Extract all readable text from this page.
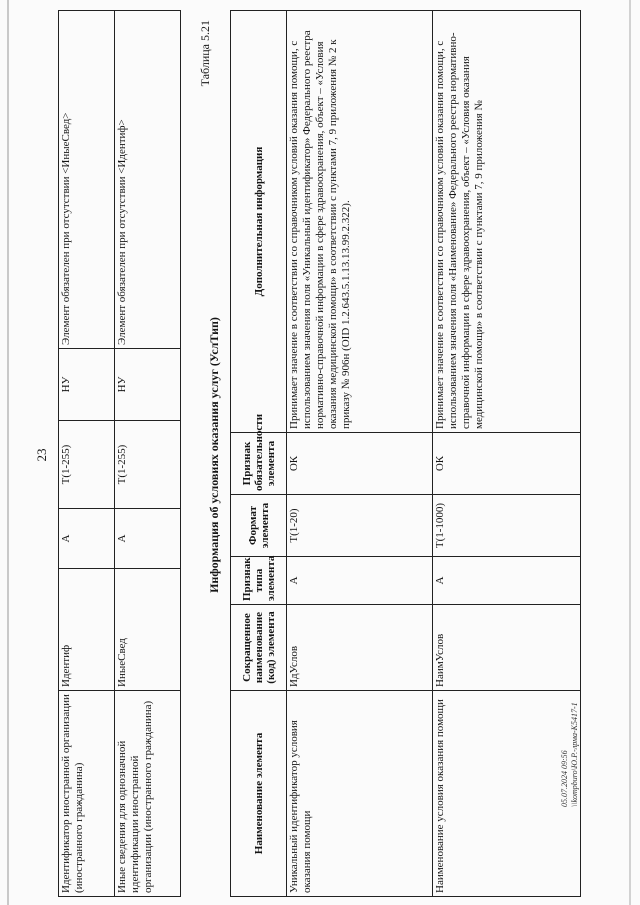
23
Идентификатор иностранной организации (иностранного гражданина)	Идентиф	А	Т(1-255)	НУ	Элемент обязателен при отсутствии <ИныеСвед>
Иные сведения для однозначной идентификации иностранной организации (иностранного гражданина)	ИныеСвед	А	Т(1-255)	НУ	Элемент обязателен при отсутствии <Идентиф>
Таблица 5.21
Информация об условиях оказания услуг (УслТип)
Наименование элемента	Сокращенное наименование (код) элемента	Признак типа элемента	Формат элемента	Признак обязательности элемента	Дополнительная информация
Уникальный идентификатор условия оказания помощи	ИдУслов	А	Т(1-20)	ОК	Принимает значение в соответствии со справочником условий оказания помощи, с использованием значения поля «Уникальный идентификатор» Федерального реестра нормативно-справочной информации в сфере здравоохранения, объект – «Условия оказания медицинской помощи» в соответствии с пунктами 7, 9 приложения № 2 к приказу № 906н (OID 1.2.643.5.1.13.13.99.2.322).
Наименование условия оказания помощи	НаимУслов	А	Т(1-1000)	ОК	Принимает значение в соответствии со справочником условий оказания помощи, с использованием значения поля «Наименование» Федерального реестра нормативно-справочной информации в сфере здравоохранения, объект – «Условия оказания медицинской помощи» в соответствии с пунктами 7, 9 приложения №
05.07.2024 09:56 \\kompburo\Ю.Р.-лрма-К5417-1
